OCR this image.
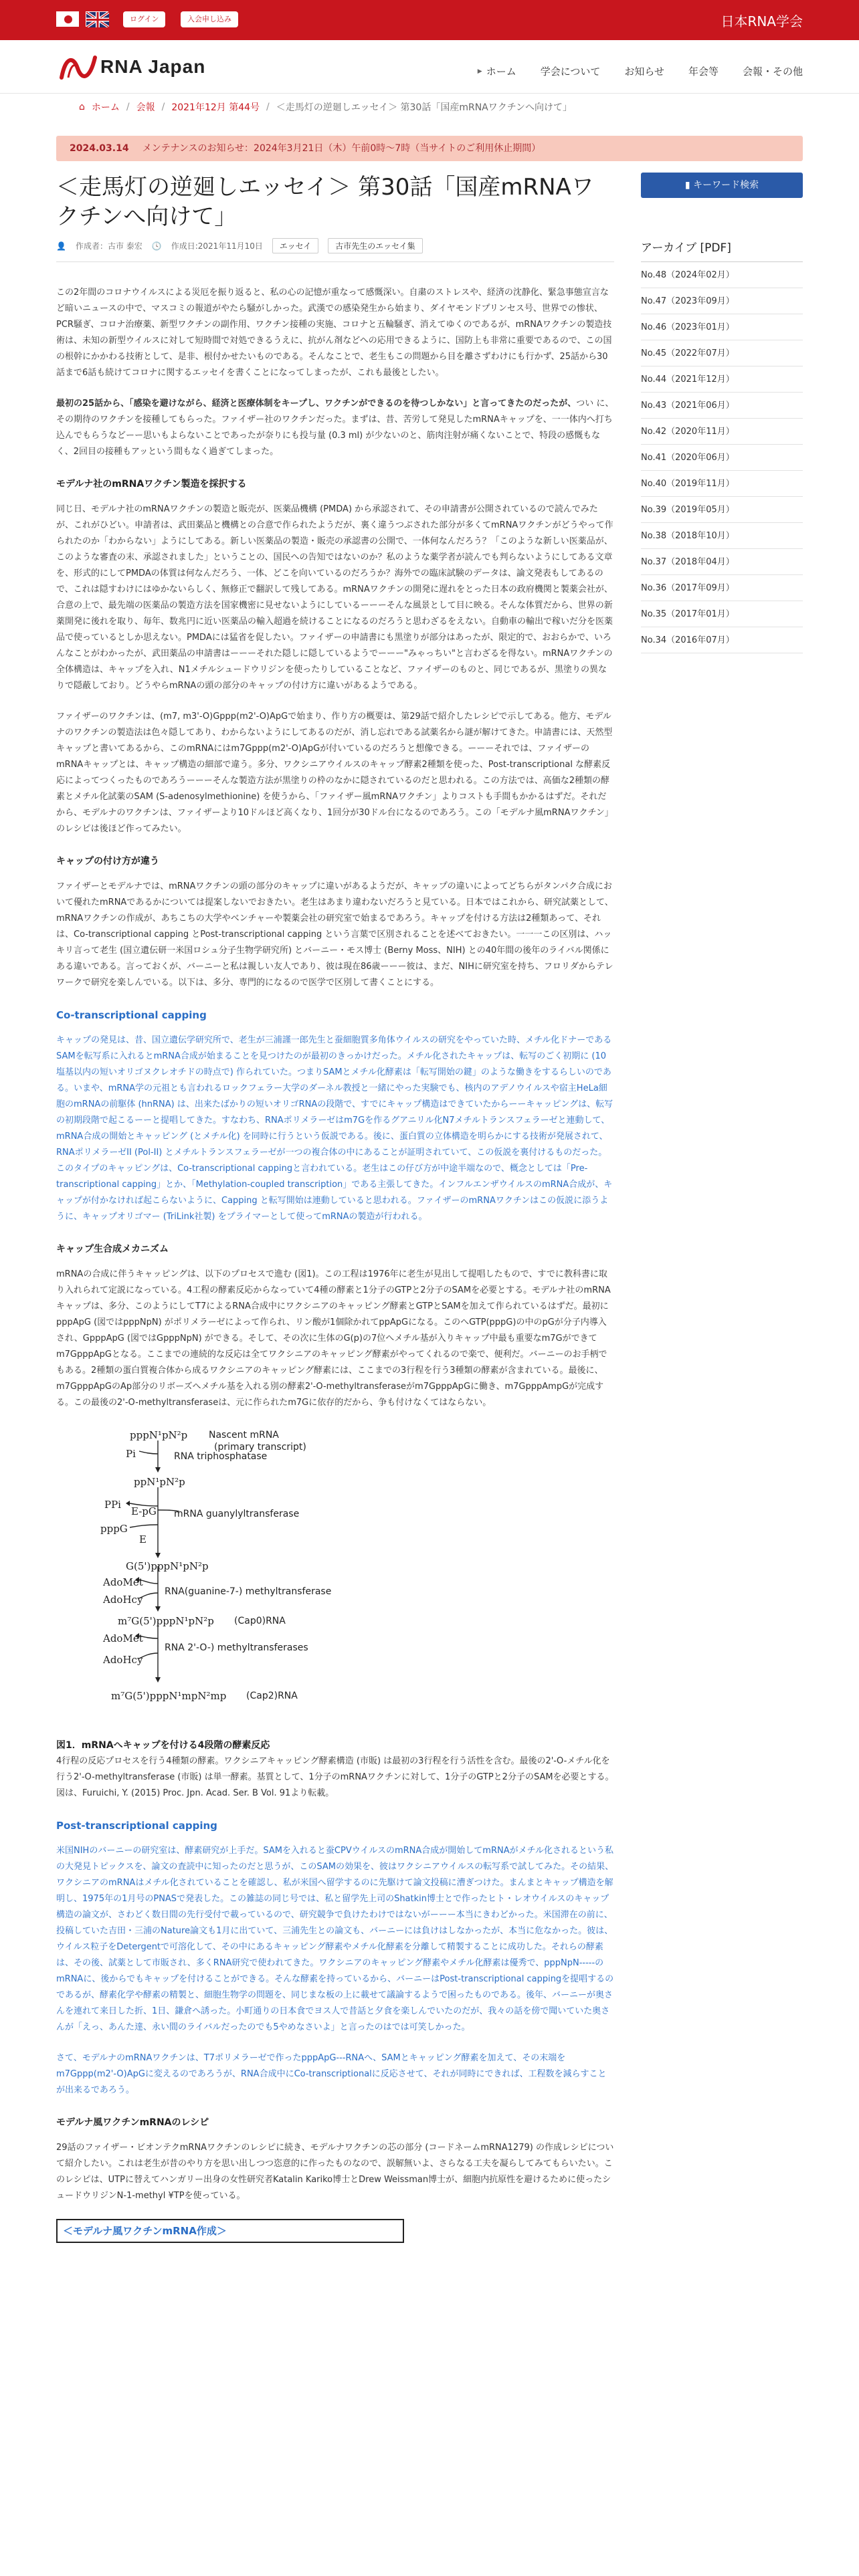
ログイン	入会申し込み	日本RNA学会
RNA Japan	▶ ホーム 学会について お知らせ 年会等 会報・その他
⌂ ホーム / 会報 / 2021年12月 第44号 / ＜走馬灯の逆廻しエッセイ＞ 第30話「国産mRNAワクチンへ向けて」
2024.03.14 メンテナンスのお知らせ：2024年3月21日（木）午前0時〜7時（当サイトのご利用休止期間）
＜走馬灯の逆廻しエッセイ＞ 第30話「国産mRNAワクチンへ向けて」
👤 作成者：古市 泰宏 🕓 作成日:2021年11月10日	エッセイ	古市先生のエッセイ集

この2年間のコロナウイルスによる災厄を振り返ると、私の心の記憶が重なって感慨深い。自粛のストレスや、経済の沈静化、緊急事態宣言など暗いニュースの中で、マスコミの報道がやたら騒がしかった。武漢での感染発生から始まり、ダイヤモンドプリンセス号、世界での惨状、PCR騒ぎ、コロナ治療薬、新型ワクチンの副作用、ワクチン接種の実施、コロナと五輪騒ぎ、消えてゆくのであるが、mRNAワクチンの製造技術は、未知の新型ウイルスに対して短時間で対処できるうえに、抗がん剤などへの応用できるように、国防上も非常に重要であるので、この国の根幹にかかわる技術として、是非、根付かせたいものである。そんなことで、老生もこの問題から目を離さずわけにも行かず、25話から30話まで6話も続けてコロナに関するエッセイを書くことになってしまったが、これも最後としたい。

最初の25話から、「感染を避けながら、経済と医療体制をキープし、ワクチンができるのを待つしかない」と言ってきたのだったが、つい に、その期待のワクチンを接種してもらった。ファイザー社のワクチンだった。まずは、昔、苦労して発見したmRNAキャップを、一一体内へ打ち込んでもらうなどーー思いもよらないことであったが奈りにも投与量 (0.3 ml) が少ないのと、筋肉注射が痛くないことで、特段の感慨もなく、2回目の接種もアッという間もなく過ぎてしまった。

モデルナ社のmRNAワクチン製造を採択する

同じ日、モデルナ社のmRNAワクチンの製造と販売が、医薬品機構 (PMDA) から承認されて、その申請書が公開されているので読んでみたが、これがひどい。申請者は、武田薬品と機構との合意で作られたようだが、裏く違うつぶされた部分が多くてmRNAワクチンがどうやって作られたのか「わからない」ようにしてある。新しい医薬品の製造・販売の承認書の公開で、一体何なんだろう？「このような新しい医薬品が、このような審査の末、承認されました」ということの、国民への告知ではないのか？私のような薬学者が読んでも判らないようにしてある文章を、形式的にしてPMDAの体質は何なんだろう、一体、どこを向いているのだろうか？海外での臨床試験のデータは、論文発表もしてあるので、これは隠すわけにはゆかないらしく、無修正で翻訳して残してある。mRNAワクチンの開発に遅れをとった日本の政府機関と製薬会社が、合意の上で、最先端の医薬品の製造方法を国家機密に見せないようにしているーーーそんな風景として目に映る。そんな体質だから、世界の新薬開発に後れを取り、毎年、数兆円に近い医薬品の輸入超過を続けることになるのだろうと思わざるをえない。自動車の輸出で稼いだ分を医薬品で使っているとしか思えない。PMDAには猛省を促したい。ファイザーの申請書にも黒塗りが部分はあったが、限定的で、おおらかで、いろんなことがわかったが、武田薬品の申請書はーーーそれた隠しに隠しているようでーーー"みゃっちい"と言わざるを得ない。mRNAワクチンの全体構造は、キャップを入れ、N1メチルシュードウリジンを使ったりしていることなど、ファイザーのものと、同じであるが、黒塗りの異なりで隠蔽しており。どうやらmRNAの頭の部分のキャップの付け方に違いがあるようである。

ファイザーのワクチンは、(m7, m3'-O)Gppp(m2'-O)ApGで始まり、作り方の概要は、第29話で紹介したレシピで示してある。他方、モデルナのワクチンの製造法は色々隠してあり、わからないようにしてあるのだが、消し忘れである試薬名から謎が解けてきた。申請書には、天然型キャップと書いてあるから、このmRNAにはm7Gppp(m2'-O)ApGが付いているのだろうと想像できる。ーーーそれでは、ファイザーのmRNAキャップとは、キャップ構造の細部で違う。多分、ワクシニアウイルスのキャップ酵素2種類を使った、Post-transcriptional な酵素反応によってつくったものであろうーーーそんな製造方法が黒塗りの枠のなかに隠されているのだと思われる。この方法では、高価な2種類の酵素とメチル化試薬のSAM (S-adenosylmethionine) を使うから、「ファイザー風mRNAワクチン」よりコストも手間もかかるはずだ。それだから、モデルナのワクチンは、ファイザーより10ドルほど高くなり、1回分が30ドル台になるのであろう。この「モデルナ風mRNAワクチン」のレシピは後ほど作ってみたい。

キャップの付け方が違う

ファイザーとモデルナでは、mRNAワクチンの頭の部分のキャップに違いがあるようだが、キャップの違いによってどちらがタンパク合成において優れたmRNAであるかについては提案しないでおきたい。老生はあまり違わないだろうと見ている。日本ではこれから、研究試薬として、mRNAワクチンの作成が、あちこちの大学やベンチャーや製薬会社の研究室で始まるであろう。キャップを付ける方法は2種類あって、それは、Co-transcriptional capping とPost-transcriptional capping という言葉で区別されることを述べておきたい。一一一この区別は、ハッキリ言って老生 (国立遺伝研一米国ロシュ分子生物学研究所) とバーニー・モス博士 (Berny Moss、NIH) との40年間の後年のライバル関係にある違いである。言っておくが、バーニーと私は親しい友人であり、彼は現在86歳ーーー彼は、まだ、NIHに研究室を持ち、フロリダからテレワークで研究を楽しんでいる。以下は、多分、専門的になるので医学で区別して書くことにする。

Co-transcriptional capping

キャップの発見は、昔、国立遺伝学研究所で、老生が三浦謹一郎先生と蚕細胞質多角体ウイルスの研究をやっていた時、メチル化ドナーであるSAMを転写系に入れるとmRNA合成が始まることを見つけたのが最初のきっかけだった。メチル化されたキャップは、転写のごく初期に (10塩基以内の短いオリゴヌクレオチドの時点で) 作られていた。つまりSAMとメチル化酵素は「転写開始の鍵」のような働きをするらしいのである。いまや、mRNA学の元祖とも言われるロックフェラー大学のダーネル教授と一緒にやった実験でも、核内のアデノウイルスや宿主HeLa細胞のmRNAの前駆体 (hnRNA) は、出来たばかりの短いオリゴRNAの段階で、すでにキャップ構造はできていたからーーキャッピングは、転写の初期段階で起こるーーと提唱してきた。すなわち、RNAポリメラーゼはm7Gを作るグアニリル化N7メチルトランスフェラーゼと連動して、mRNA合成の開始とキャッピング (とメチル化) を同時に行うという仮説である。後に、蛋白質の立体構造を明らかにする技術が発展されて、RNAポリメラーゼII (Pol-II) とメチルトランスフェラーゼが一つの複合体の中にあることが証明されていて、この仮説を裏付けるものだった。このタイプのキャッピングは、Co-transcriptional cappingと言われている。老生はこの仔び方が中途半端なので、概念としては「Pre-transcriptional capping」とか、「Methylation-coupled transcription」である主張してきた。インフルエンザウイルスのmRNA合成が、キャップが付かなければ起こらないように、Capping と転写開始は連動していると思われる。ファイザーのmRNAワクチンはこの仮説に添うように、キャップオリゴマー (TriLink社製) をプライマーとして使ってmRNAの製造が行われる。

キャップ生合成メカニズム

mRNAの合成に伴うキャッピングは、以下のプロセスで進む (図1)。この工程は1976年に老生が見出して提唱したもので、すでに教科書に取り入れられて定説になっている。4工程の酵素反応からなっていて4種の酵素と1分子のGTPと2分子のSAMを必要とする。モデルナ社のmRNAキャップは、多分、このようにしてT7によるRNA合成中にワクシニアのキャッピング酵素とGTPとSAMを加えて作られているはずだ。最初にpppApG (図ではpppNpN) がポリメラーゼによって作られ、リン酸が1個除かれてppApGになる。このへGTP(pppG)の中のpGが分子内導入され、GpppApG (図ではGpppNpN) ができる。そして、その次に生体のG(p)の7位へメチル基が入りキャップ中最も重要なm7Gができてm7GpppApGとなる。ここまでの連続的な反応は全てワクシニアのキャッピング酵素がやってくれるので楽で、便利だ。バーニーのお手柄でもある。2種類の蛋白質複合体から成るワクシニアのキャッピング酵素には、ここまでの3行程を行う3種類の酵素が含まれている。最後に、m7GpppApGのAp部分のリボーズへメチル基を入れる別の酵素2'-O-methyltransferaseがm7GpppApGに働き、m7GpppAmpGが完成する。この最後の2'-O-methyltransferaseは、元に作られたm7Gに依存的だから、争も付けなくてはならない。

pppN¹pN²p Nascent mRNA
(primary transcript)
Pi	RNA triphosphatase
ppN¹pN²p
PPi
E-pG
pppG
E
mRNA guanylyltransferase
G(5')pppN¹pN²p
AdoMet
AdoHcy
RNA(guanine-7-) methyltransferase
m⁷G(5')pppN¹pN²p (Cap0)RNA
AdoMet
AdoHcy
RNA 2'-O-) methyltransferases
m⁷G(5')pppN¹mpN²mp (Cap2)RNA
図1．mRNAへキャップを付ける4段階の酵素反応

4行程の反応プロセスを行う4種類の酵素。ワクシニアキャッピング酵素構造 (市販) は最初の3行程を行う活性を含む。最後の2'-O-メチル化を行う2'-O-methyltransferase (市販) は単一酵素。基質として、1分子のmRNAワクチンに対して、1分子のGTPと2分子のSAMを必要とする。図は、Furuichi, Y. (2015) Proc. Jpn. Acad. Ser. B Vol. 91より転載。

Post-transcriptional capping

米国NIHのバーニーの研究室は、酵素研究が上手だ。SAMを入れると蚕CPVウイルスのmRNA合成が開始してmRNAがメチル化されるという私の大発見トピックスを、論文の査読中に知ったのだと思うが、このSAMの効果を、彼はワクシニアウイルスの転写系で試してみた。その結果、ワクシニアのmRNAはメチル化されていることを確認し、私が米国へ留学するのに先駆けて論文投稿に漕ぎつけた。まんまとキャップ構造を解明し、1975年の1月号のPNASで発表した。この雑誌の同じ号では、私と留学先上司のShatkin博士とで作ったヒト・レオウイルスのキャップ構造の論文が、さわどく数日間の先行受付で載っているので、研究競争で負けたわけではないがーーー本当にきわどかった。米国滞在の前に、投稿していた吉田・三浦のNature論文も1月に出ていて、三浦先生との論文も、バーニーには負けはしなかったが、本当に危なかった。彼は、ウイルス粒子をDetergentで可溶化して、その中にあるキャッピング酵素やメチル化酵素を分離して精製することに成功した。それらの酵素は、その後、試薬として市販され、多くRNA研究で使われてきた。ワクシニアのキャッピング酵素やメチル化酵素は優秀で、pppNpN-----のmRNAに、後からでもキャップを付けることができる。そんな酵素を持っているから、バーニーはPost-transcriptional cappingを提唱するのであるが、酵素化学や酵素の精製と、細胞生物学の問題を、同じまな板の上に載せて議論するようで困ったものである。後年、バーニーが奥さんを連れて来日した折、1日、鎌倉へ誘った。小町通りの日本食でヨス人で昔話と夕食を楽しんでいたのだが、我々の話を傍で聞いていた奥さんが「えっ、あんた達、永い間のライバルだったのでも5やめなさいよ」と言ったのはでは可笑しかった。

さて、モデルナのmRNAワクチンは、T7ポリメラーゼで作ったpppApG---RNAへ、SAMとキャッピング酵素を加えて、その末端をm7Gppp(m2'-O)ApGに変えるのであろうが、RNA合成中にCo-transcriptionalに反応させて、それが同時にできれば、工程数を減らすことが出来るであろう。

モデルナ風ワクチンmRNAのレシピ

29話のファイザー・ビオンテクmRNAワクチンのレシピに続き、モデルナワクチンの芯の部分 (コードネームmRNA1279) の作成レシピについて紹介したい。これは老生が昔のやり方を思い出しつつ恣意的に作ったものなので、誤解無いよ、さらなる工夫を凝らしてみてもらいたい。このレシピは、UTPに替えてハンガリー出身の女性研究者Katalin Kariko博士とDrew Weissman博士が、細胞内抗原性を避けるために使ったシュードウリジンN-1-methyl ¥TPを使っている。

＜モデルナ風ワクチンmRNA作成＞
▮ キーワード検索
アーカイブ [PDF]
No.48（2024年02月）
No.47（2023年09月）
No.46（2023年01月）
No.45（2022年07月）
No.44（2021年12月）
No.43（2021年06月）
No.42（2020年11月）
No.41（2020年06月）
No.40（2019年11月）
No.39（2019年05月）
No.38（2018年10月）
No.37（2018年04月）
No.36（2017年09月）
No.35（2017年01月）
No.34（2016年07月）
